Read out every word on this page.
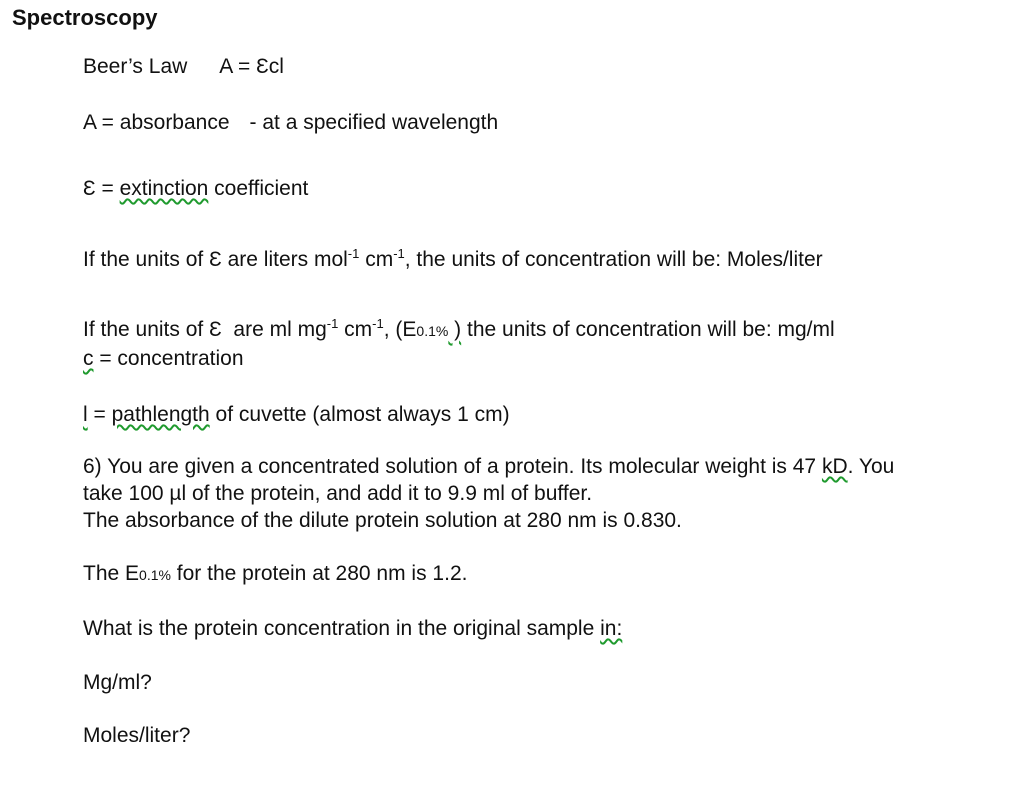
Spectroscopy
Beer’s Law A = Ɛcl
A = absorbance - at a specified wavelength
Ɛ = extinction coefficient
If the units of Ɛ are liters mol$^{-1}$ $cm^{-1}$, the units of concentration will be: Moles/liter
If the units of Ɛ  are ml $mg^{-1}$ $cm^{-1}$, (E0.1% ) the units of concentration will be: mg/ml
c = concentration
l = pathlength of cuvette (almost always 1 cm)
6) You are given a concentrated solution of a protein. Its molecular weight is 47 kD. You
take 100 µl of the protein, and add it to 9.9 ml of buffer.
The absorbance of the dilute protein solution at 280 nm is 0.830.
The E0.1% for the protein at 280 nm is 1.2.
What is the protein concentration in the original sample in:
Mg/ml?
Moles/liter?
